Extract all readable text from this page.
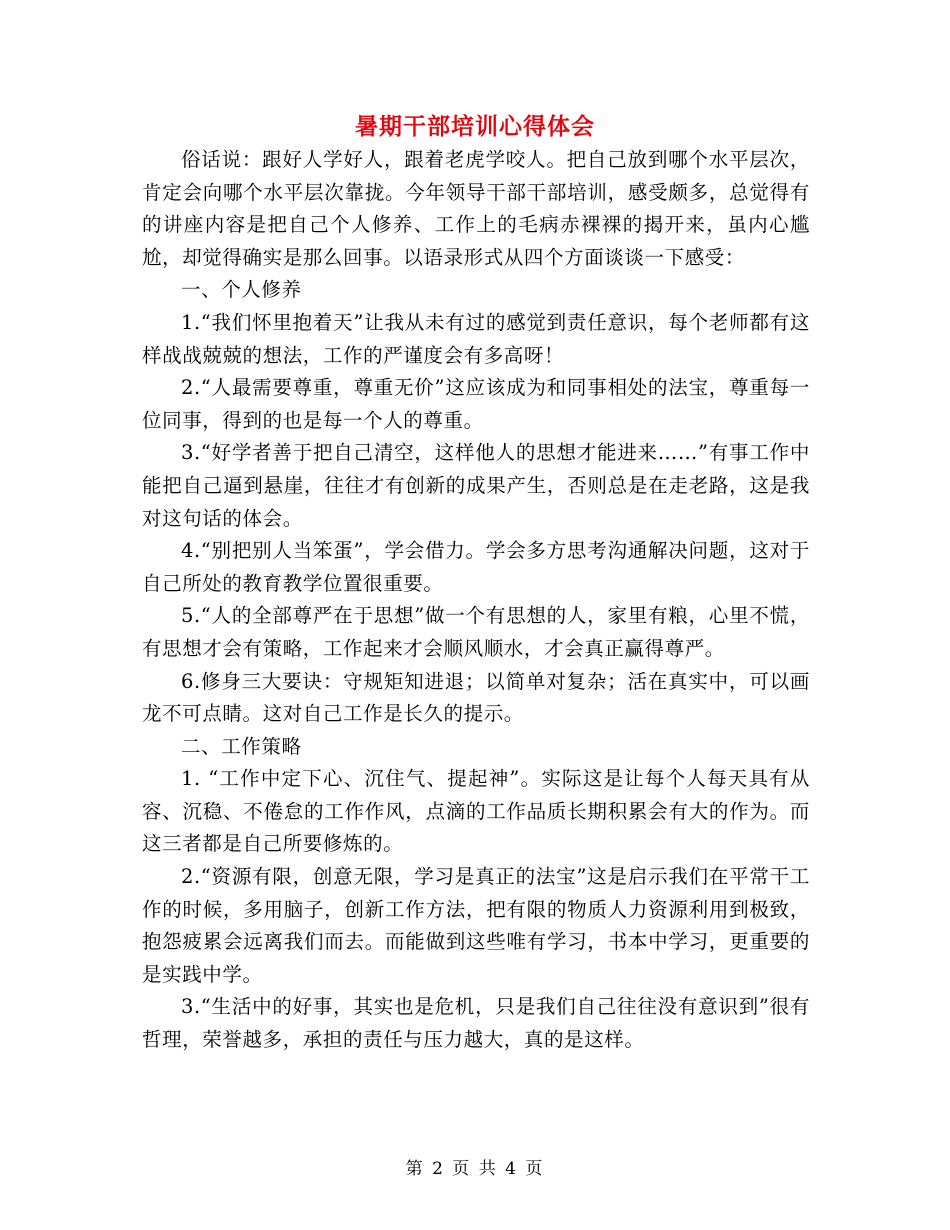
暑期干部培训心得体会

俗话说：跟好人学好人，跟着老虎学咬人。把自己放到哪个水平层次，肯定会向哪个水平层次靠拢。今年领导干部干部培训，感受颇多，总觉得有的讲座内容是把自己个人修养、工作上的毛病赤裸裸的揭开来，虽内心尴尬，却觉得确实是那么回事。以语录形式从四个方面谈谈一下感受：

一、个人修养

1.“我们怀里抱着天”让我从未有过的感觉到责任意识，每个老师都有这样战战兢兢的想法，工作的严谨度会有多高呀！

2.“人最需要尊重，尊重无价”这应该成为和同事相处的法宝，尊重每一位同事，得到的也是每一个人的尊重。

3.“好学者善于把自己清空，这样他人的思想才能进来……”有事工作中能把自己逼到悬崖，往往才有创新的成果产生，否则总是在走老路，这是我对这句话的体会。

4.“别把别人当笨蛋”，学会借力。学会多方思考沟通解决问题，这对于自己所处的教育教学位置很重要。

5.“人的全部尊严在于思想”做一个有思想的人，家里有粮，心里不慌，有思想才会有策略，工作起来才会顺风顺水，才会真正赢得尊严。

6.修身三大要诀：守规矩知进退；以简单对复杂；活在真实中，可以画龙不可点睛。这对自己工作是长久的提示。

二、工作策略

1. “工作中定下心、沉住气、提起神”。实际这是让每个人每天具有从容、沉稳、不倦怠的工作作风，点滴的工作品质长期积累会有大的作为。而这三者都是自己所要修炼的。

2.“资源有限，创意无限，学习是真正的法宝”这是启示我们在平常干工作的时候，多用脑子，创新工作方法，把有限的物质人力资源利用到极致，抱怨疲累会远离我们而去。而能做到这些唯有学习，书本中学习，更重要的是实践中学。

3.“生活中的好事，其实也是危机，只是我们自己往往没有意识到”很有哲理，荣誉越多，承担的责任与压力越大，真的是这样。

第 2 页 共 4 页
